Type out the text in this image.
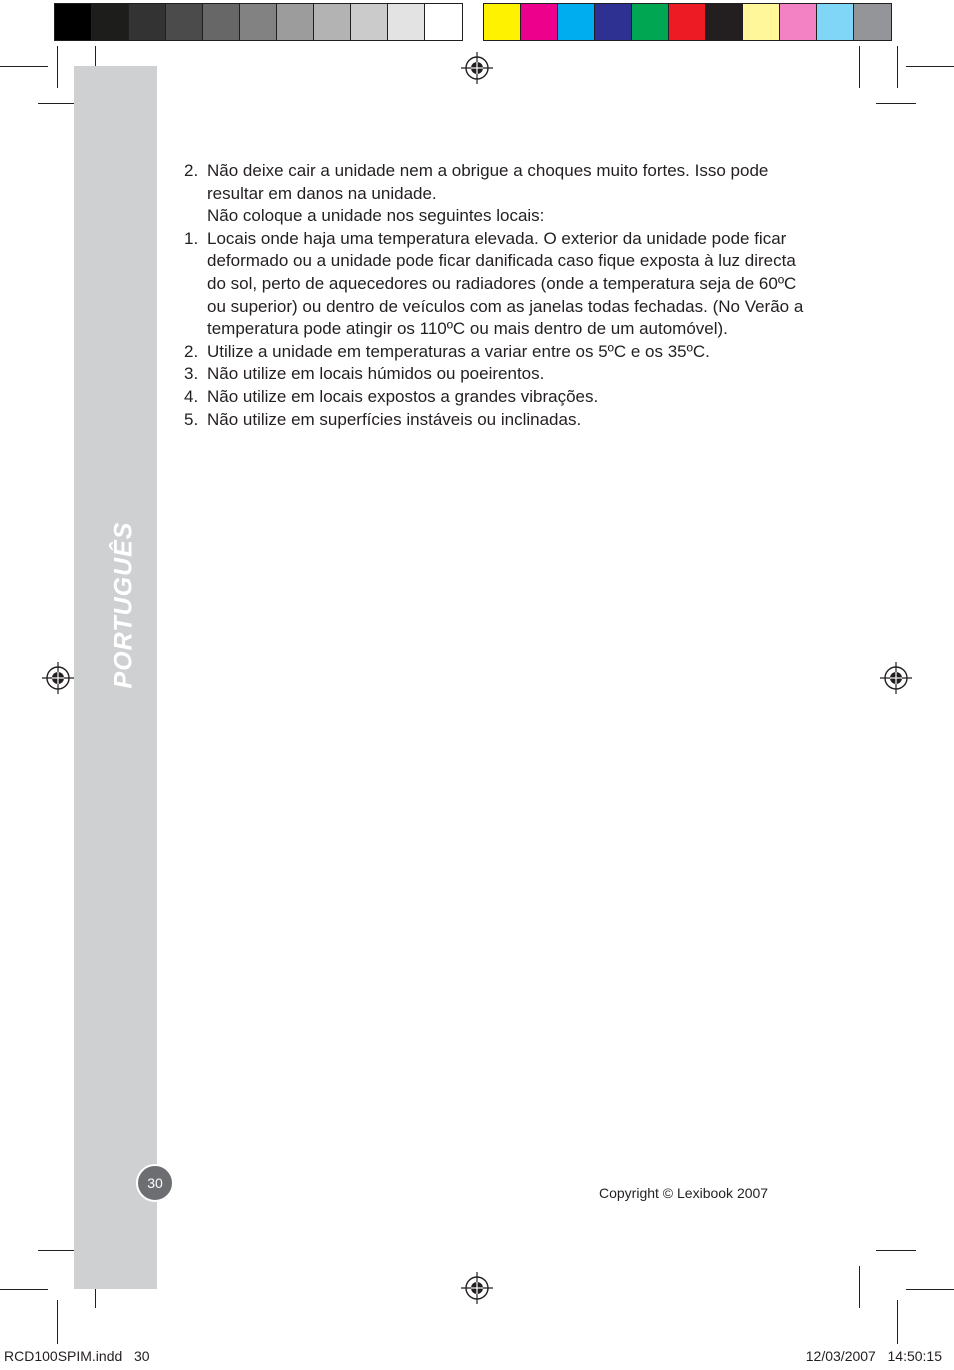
PORTUGUÊS
2. Não deixe cair a unidade nem a obrigue a choques muito fortes. Isso pode resultar em danos na unidade.
Não coloque a unidade nos seguintes locais:
1. Locais onde haja uma temperatura elevada. O exterior da unidade pode ficar deformado ou a unidade pode ficar danificada caso fique exposta à luz directa do sol, perto de aquecedores ou radiadores (onde a temperatura seja de 60ºC ou superior) ou dentro de veículos com as janelas todas fechadas. (No Verão a temperatura pode atingir os 110ºC ou mais dentro de um automóvel).
2. Utilize a unidade em temperaturas a variar entre os 5ºC e os 35ºC.
3. Não utilize em locais húmidos ou poeirentos.
4. Não utilize em locais expostos a grandes vibrações.
5. Não utilize em superfícies instáveis ou inclinadas.
30
Copyright © Lexibook 2007
RCD100SPIM.indd   30	12/03/2007   14:50:15
